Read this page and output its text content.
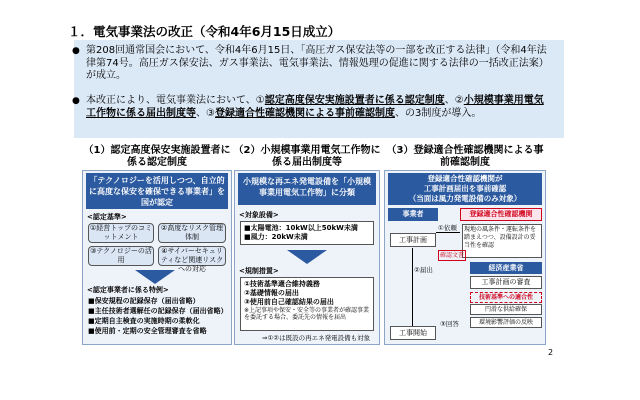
１．電気事業法の改正（令和4年6月15日成立）
● 第208回通常国会において、令和4年6月15日、「高圧ガス保安法等の一部を改正する法律」（令和4年法律第74号。高圧ガス保安法、ガス事業法、電気事業法、情報処理の促進に関する法律の一括改正法案）が成立。
● 本改正により、電気事業法において、①認定高度保安実施設置者に係る認定制度、②小規模事業用電気工作物に係る届出制度等、③登録適合性確認機関による事前確認制度、の3制度が導入。
（1）認定高度保安実施設置者に係る認定制度
（2）小規模事業用電気工作物に係る届出制度等
（3）登録適合性確認機関による事前確認制度
「テクノロジーを活用しつつ、自立的に高度な保安を確保できる事業者」を国が認定
<認定基準>
①経営トップのコミットメント
②高度なリスク管理体制
③テクノロジーの活用
④サイバーセキュリティなど関連リスクへの対応
<認定事業者に係る特例>
■保安規程の記録保存（届出省略）
■主任技術者選解任の記録保存（届出省略）
■定期自主検査の実施時期の柔軟化
■使用前・定期の安全管理審査を省略
小規模な再エネ発電設備を「小規模事業用電気工作物」に分類
<対象設備>
■太陽電池：10kW以上50kW未満
■風力：20kW未満
<規制措置>
①技術基準適合維持義務
②基礎情報の届出
③使用前自己確認結果の届出
※上記事項や保安・安全等の事業者が確認事業を委託する場合、委託先の情報を届出
⇒①②は既設の再エネ発電設備も対象
登録適合性確認機関が
工事計画届出を事前確認
（当面は風力発電設備のみ対象）
事業者	登録適合性確認機関
工事計画
①依頼	現地の風条件・運転条件を踏まえつつ、設備設計の妥当性を確認
確認文書
②届出	経済産業省
工事計画の審査
技術基準への適合性
円滑な供給確保
環境影響評価の反映
③回答
工事開始
2
